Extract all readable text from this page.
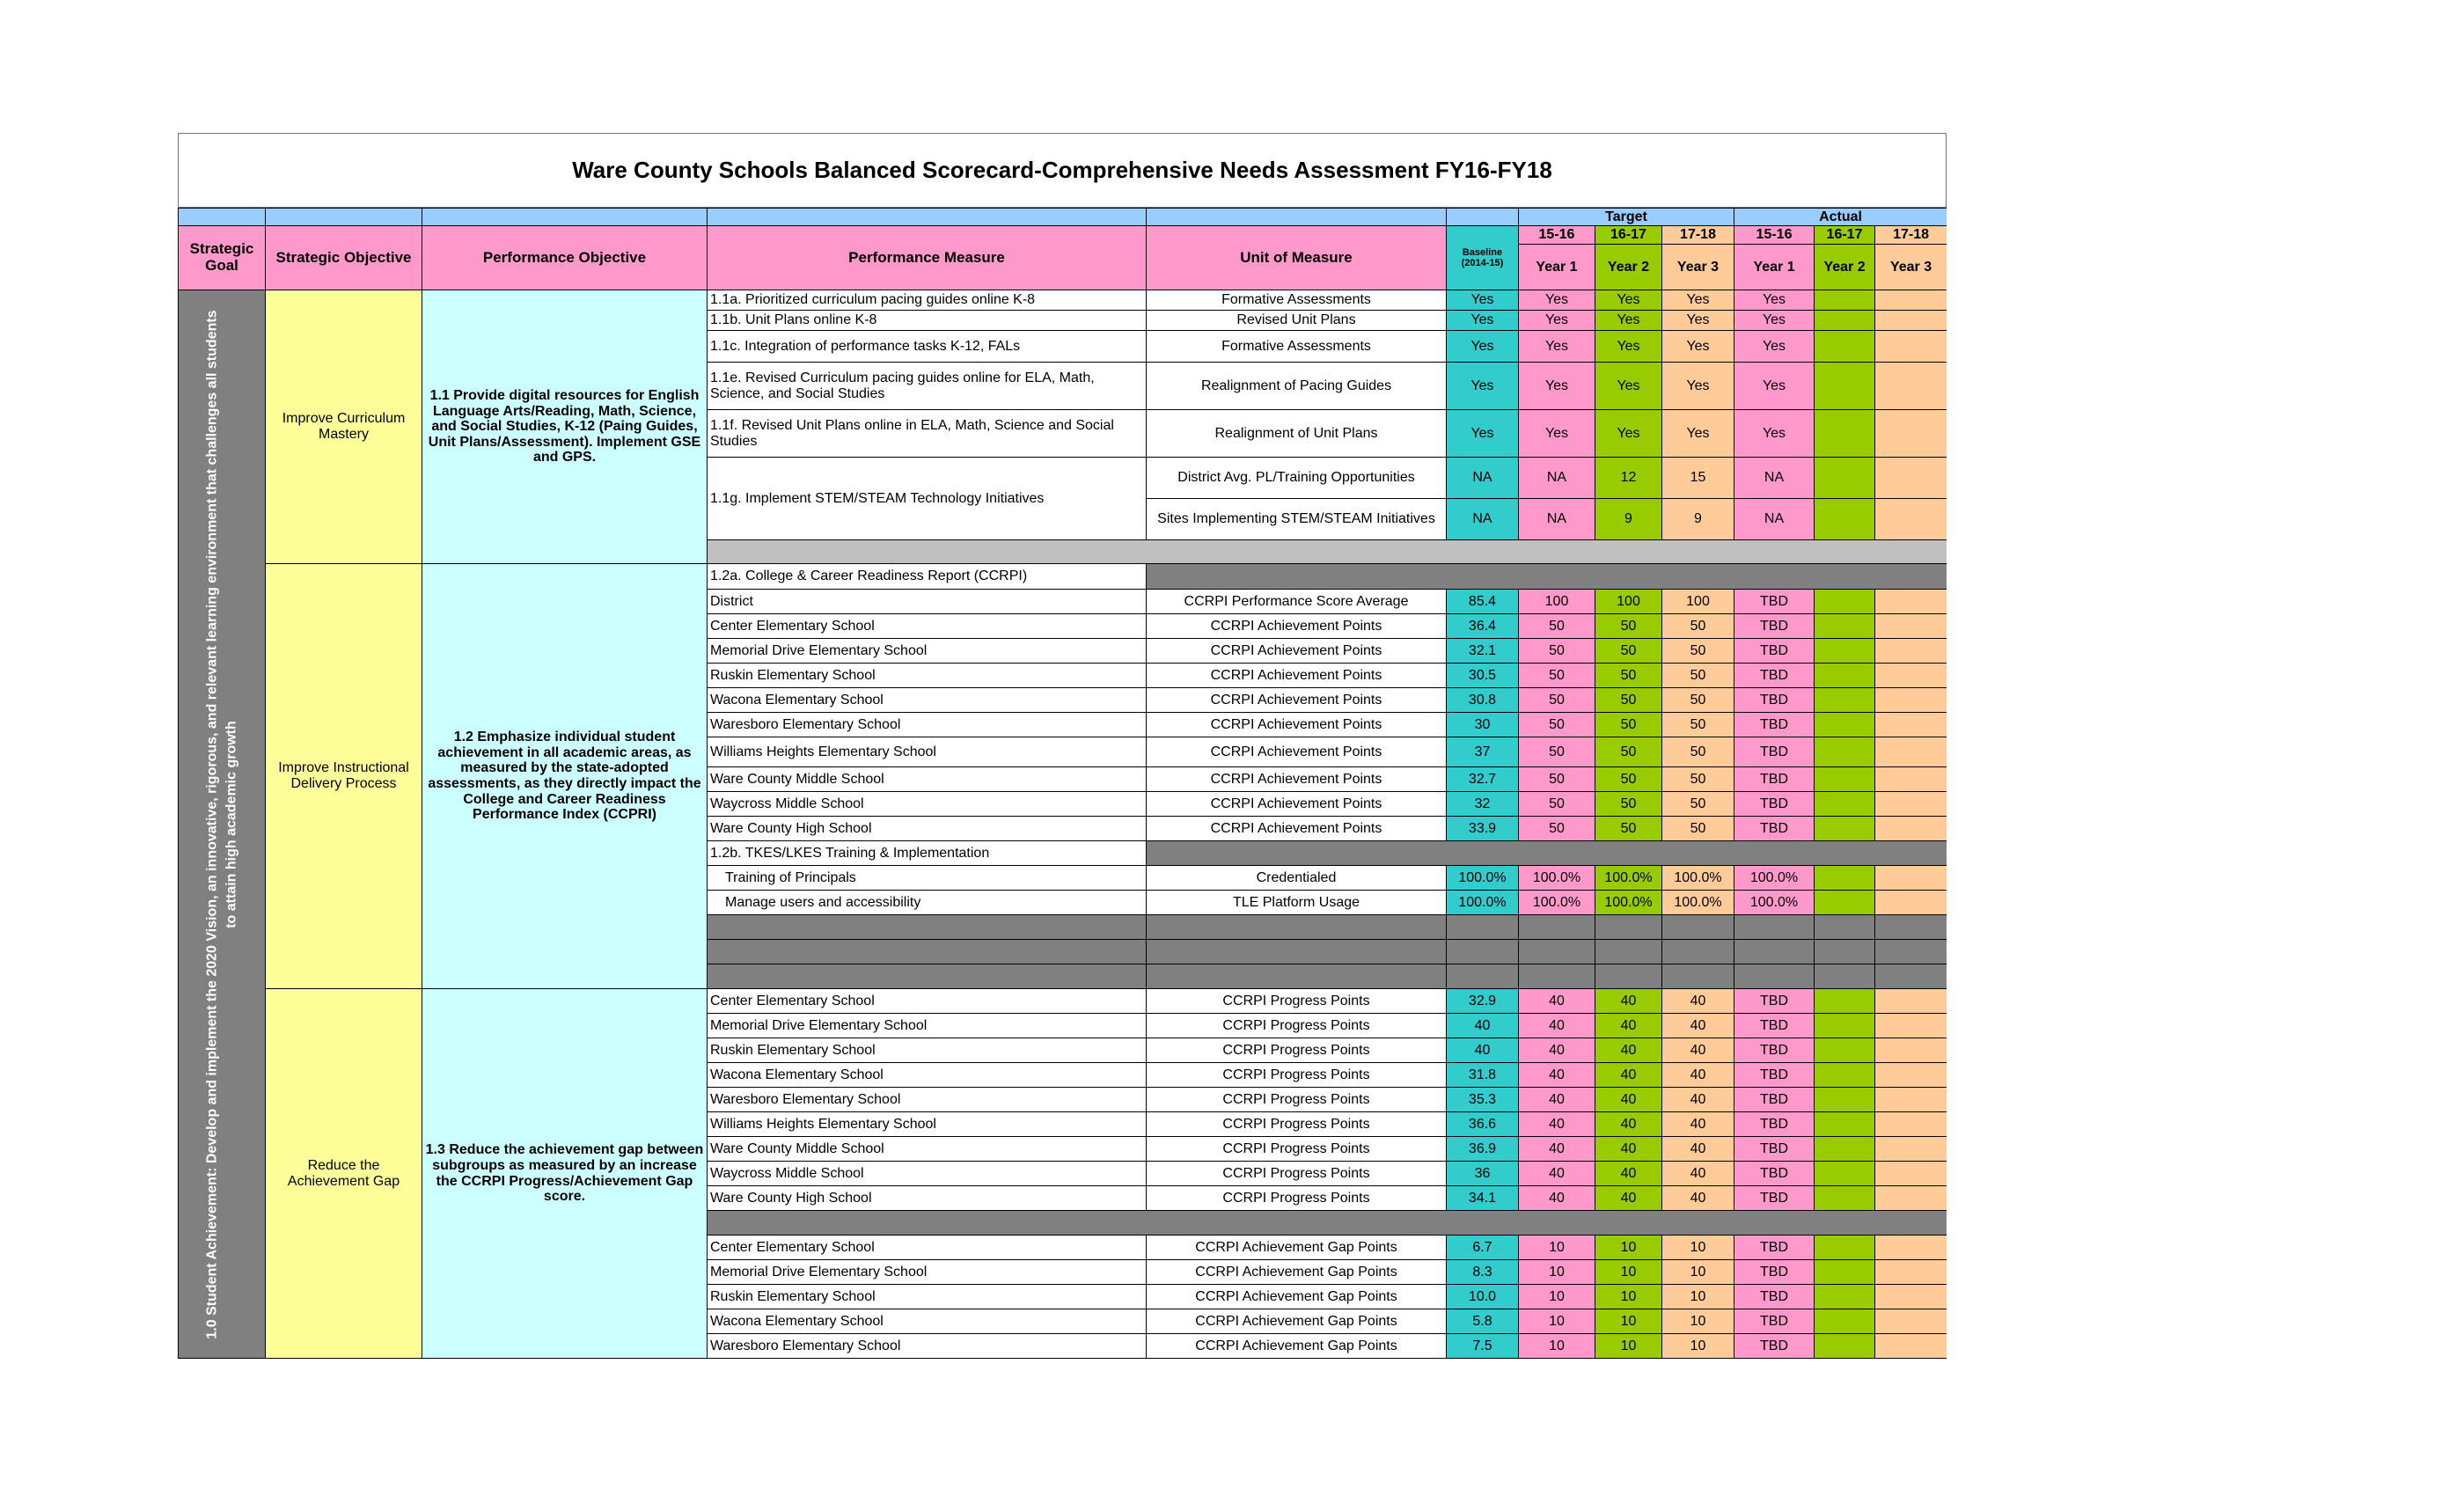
Ware County Schools Balanced Scorecard-Comprehensive Needs Assessment FY16-FY18
						Target			Actual			
Strategic Goal	Strategic Objective	Performance Objective	Performance Measure	Unit of Measure	Baseline (2014-15)	15-16	16-17	17-18	15-16	16-17	17-18	
						Year 1	Year 2	Year 3	Year 1	Year 2	Year 3	

1.0 Student Achievement: Develop and implement the 2020 Vision, an innovative, rigorous, and relevant learning environment that challenges all students to attain high academic growth	Improve Curriculum Mastery	1.1 Provide digital resources for English Language Arts/Reading, Math, Science, and Social Studies, K-12 (Paing Guides, Unit Plans/Assessment). Implement GSE and GPS.	1.1a. Prioritized curriculum pacing guides online K-8	Formative Assessments	Yes	Yes	Yes	Yes	Yes			
			1.1b. Unit Plans online K-8	Revised Unit Plans	Yes	Yes	Yes	Yes	Yes			
			1.1c. Integration of performance tasks K-12, FALs	Formative Assessments	Yes	Yes	Yes	Yes	Yes			
			1.1e. Revised Curriculum pacing guides online for ELA, Math, Science, and Social Studies	Realignment of Pacing Guides	Yes	Yes	Yes	Yes	Yes			
			1.1f. Revised Unit Plans online in ELA, Math, Science and Social Studies	Realignment of Unit Plans	Yes	Yes	Yes	Yes	Yes			
			1.1g. Implement STEM/STEAM Technology Initiatives	District Avg. PL/Training Opportunities	NA	NA	12	15	NA			
				Sites Implementing STEM/STEAM Initiatives	NA	NA	9	9	NA			

	Improve Instructional Delivery Process	1.2 Emphasize individual student achievement in all academic areas, as measured by the state-adopted assessments, as they directly impact the College and Career Readiness Performance Index (CCPRI)	1.2a. College & Career Readiness Report (CCRPI)									
			District	CCRPI Performance Score Average	85.4	100	100	100	TBD			
			Center Elementary School	CCRPI Achievement Points	36.4	50	50	50	TBD			
			Memorial Drive Elementary School	CCRPI Achievement Points	32.1	50	50	50	TBD			
			Ruskin Elementary School	CCRPI Achievement Points	30.5	50	50	50	TBD			
			Wacona Elementary School	CCRPI Achievement Points	30.8	50	50	50	TBD			
			Waresboro Elementary School	CCRPI Achievement Points	30	50	50	50	TBD			
			Williams Heights Elementary School	CCRPI Achievement Points	37	50	50	50	TBD			
			Ware County Middle School	CCRPI Achievement Points	32.7	50	50	50	TBD			
			Waycross Middle School	CCRPI Achievement Points	32	50	50	50	TBD			
			Ware County High School	CCRPI Achievement Points	33.9	50	50	50	TBD			
			1.2b. TKES/LKES Training & Implementation									
			Training of Principals	Credentialed	100.0%	100.0%	100.0%	100.0%	100.0%			
			Manage users and accessibility	TLE Platform Usage	100.0%	100.0%	100.0%	100.0%	100.0%			

	Reduce the Achievement Gap	1.3 Reduce the achievement gap between subgroups as measured by an increase the CCRPI Progress/Achievement Gap score.	Center Elementary School	CCRPI Progress Points	32.9	40	40	40	TBD			
			Memorial Drive Elementary School	CCRPI Progress Points	40	40	40	40	TBD			
			Ruskin Elementary School	CCRPI Progress Points	40	40	40	40	TBD			
			Wacona Elementary School	CCRPI Progress Points	31.8	40	40	40	TBD			
			Waresboro Elementary School	CCRPI Progress Points	35.3	40	40	40	TBD			
			Williams Heights Elementary School	CCRPI Progress Points	36.6	40	40	40	TBD			
			Ware County Middle School	CCRPI Progress Points	36.9	40	40	40	TBD			
			Waycross Middle School	CCRPI Progress Points	36	40	40	40	TBD			
			Ware County High School	CCRPI Progress Points	34.1	40	40	40	TBD			

			Center Elementary School	CCRPI Achievement Gap Points	6.7	10	10	10	TBD			
			Memorial Drive Elementary School	CCRPI Achievement Gap Points	8.3	10	10	10	TBD			
			Ruskin Elementary School	CCRPI Achievement Gap Points	10.0	10	10	10	TBD			
			Wacona Elementary School	CCRPI Achievement Gap Points	5.8	10	10	10	TBD			
			Waresboro Elementary School	CCRPI Achievement Gap Points	7.5	10	10	10	TBD			
